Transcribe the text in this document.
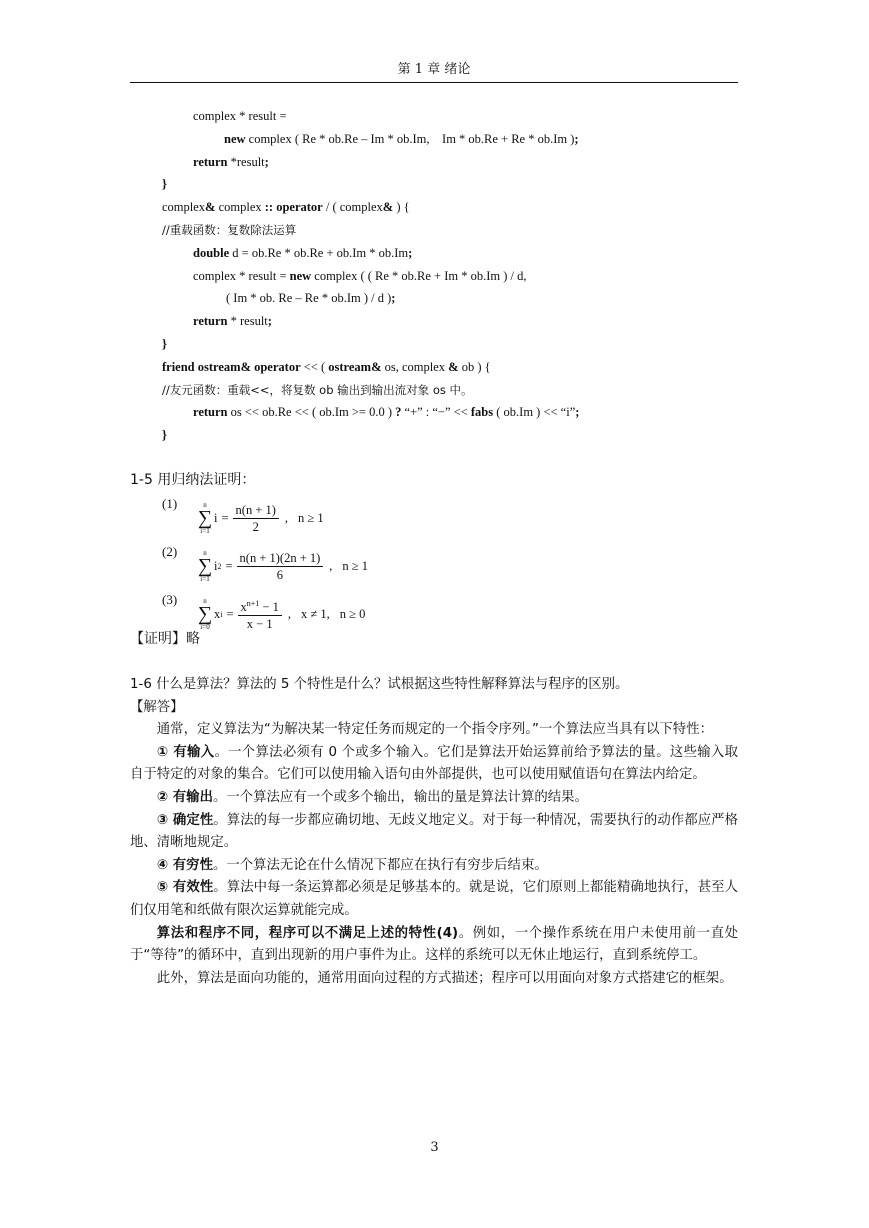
第 1 章 绪论
complex * result =
new complex ( Re * ob.Re – Im * ob.Im,    Im * ob.Re + Re * ob.Im );
return *result;
}
complex& complex :: operator / ( complex& ) {
//重载函数：复数除法运算
double d = ob.Re * ob.Re + ob.Im * ob.Im;
complex * result = new complex ( ( Re * ob.Re + Im * ob.Im ) / d,
( Im * ob. Re – Re * ob.Im ) / d );
return * result;
}
friend ostream& operator << ( ostream& os, complex & ob ) {
//友元函数：重载<<，将复数 ob 输出到输出流对象 os 中。
return os << ob.Re << ( ob.Im >= 0.0 ) ? “+” : “−” << fabs ( ob.Im ) << “i”;
}
1-5 用归纳法证明：
(1)	n
∑
i=1
$i = \frac{n(n + 1)}{2}$ , n ≥ 1
(2)	n
∑
i=1
i $2 = \frac{n(n + 1)(2n + 1)}{6}$ , n ≥ 1
(3)	n
∑
i=0
x $i = \frac{x^{n+1} - 1}{x - 1}$ , x ≠ 1, n ≥ 0
【证明】略

1-6 什么是算法？算法的 5 个特性是什么？试根据这些特性解释算法与程序的区别。

【解答】

通常，定义算法为“为解决某一特定任务而规定的一个指令序列。”一个算法应当具有以下特性：

① 有输入。一个算法必须有 0 个或多个输入。它们是算法开始运算前给予算法的量。这些输入取自于特定的对象的集合。它们可以使用输入语句由外部提供，也可以使用赋值语句在算法内给定。

② 有输出。一个算法应有一个或多个输出，输出的量是算法计算的结果。

③ 确定性。算法的每一步都应确切地、无歧义地定义。对于每一种情况，需要执行的动作都应严格地、清晰地规定。

④ 有穷性。一个算法无论在什么情况下都应在执行有穷步后结束。

⑤ 有效性。算法中每一条运算都必须是足够基本的。就是说，它们原则上都能精确地执行，甚至人们仅用笔和纸做有限次运算就能完成。

算法和程序不同，程序可以不满足上述的特性(4)。例如，一个操作系统在用户未使用前一直处于“等待”的循环中，直到出现新的用户事件为止。这样的系统可以无休止地运行，直到系统停工。

此外，算法是面向功能的，通常用面向过程的方式描述；程序可以用面向对象方式搭建它的框架。

3
